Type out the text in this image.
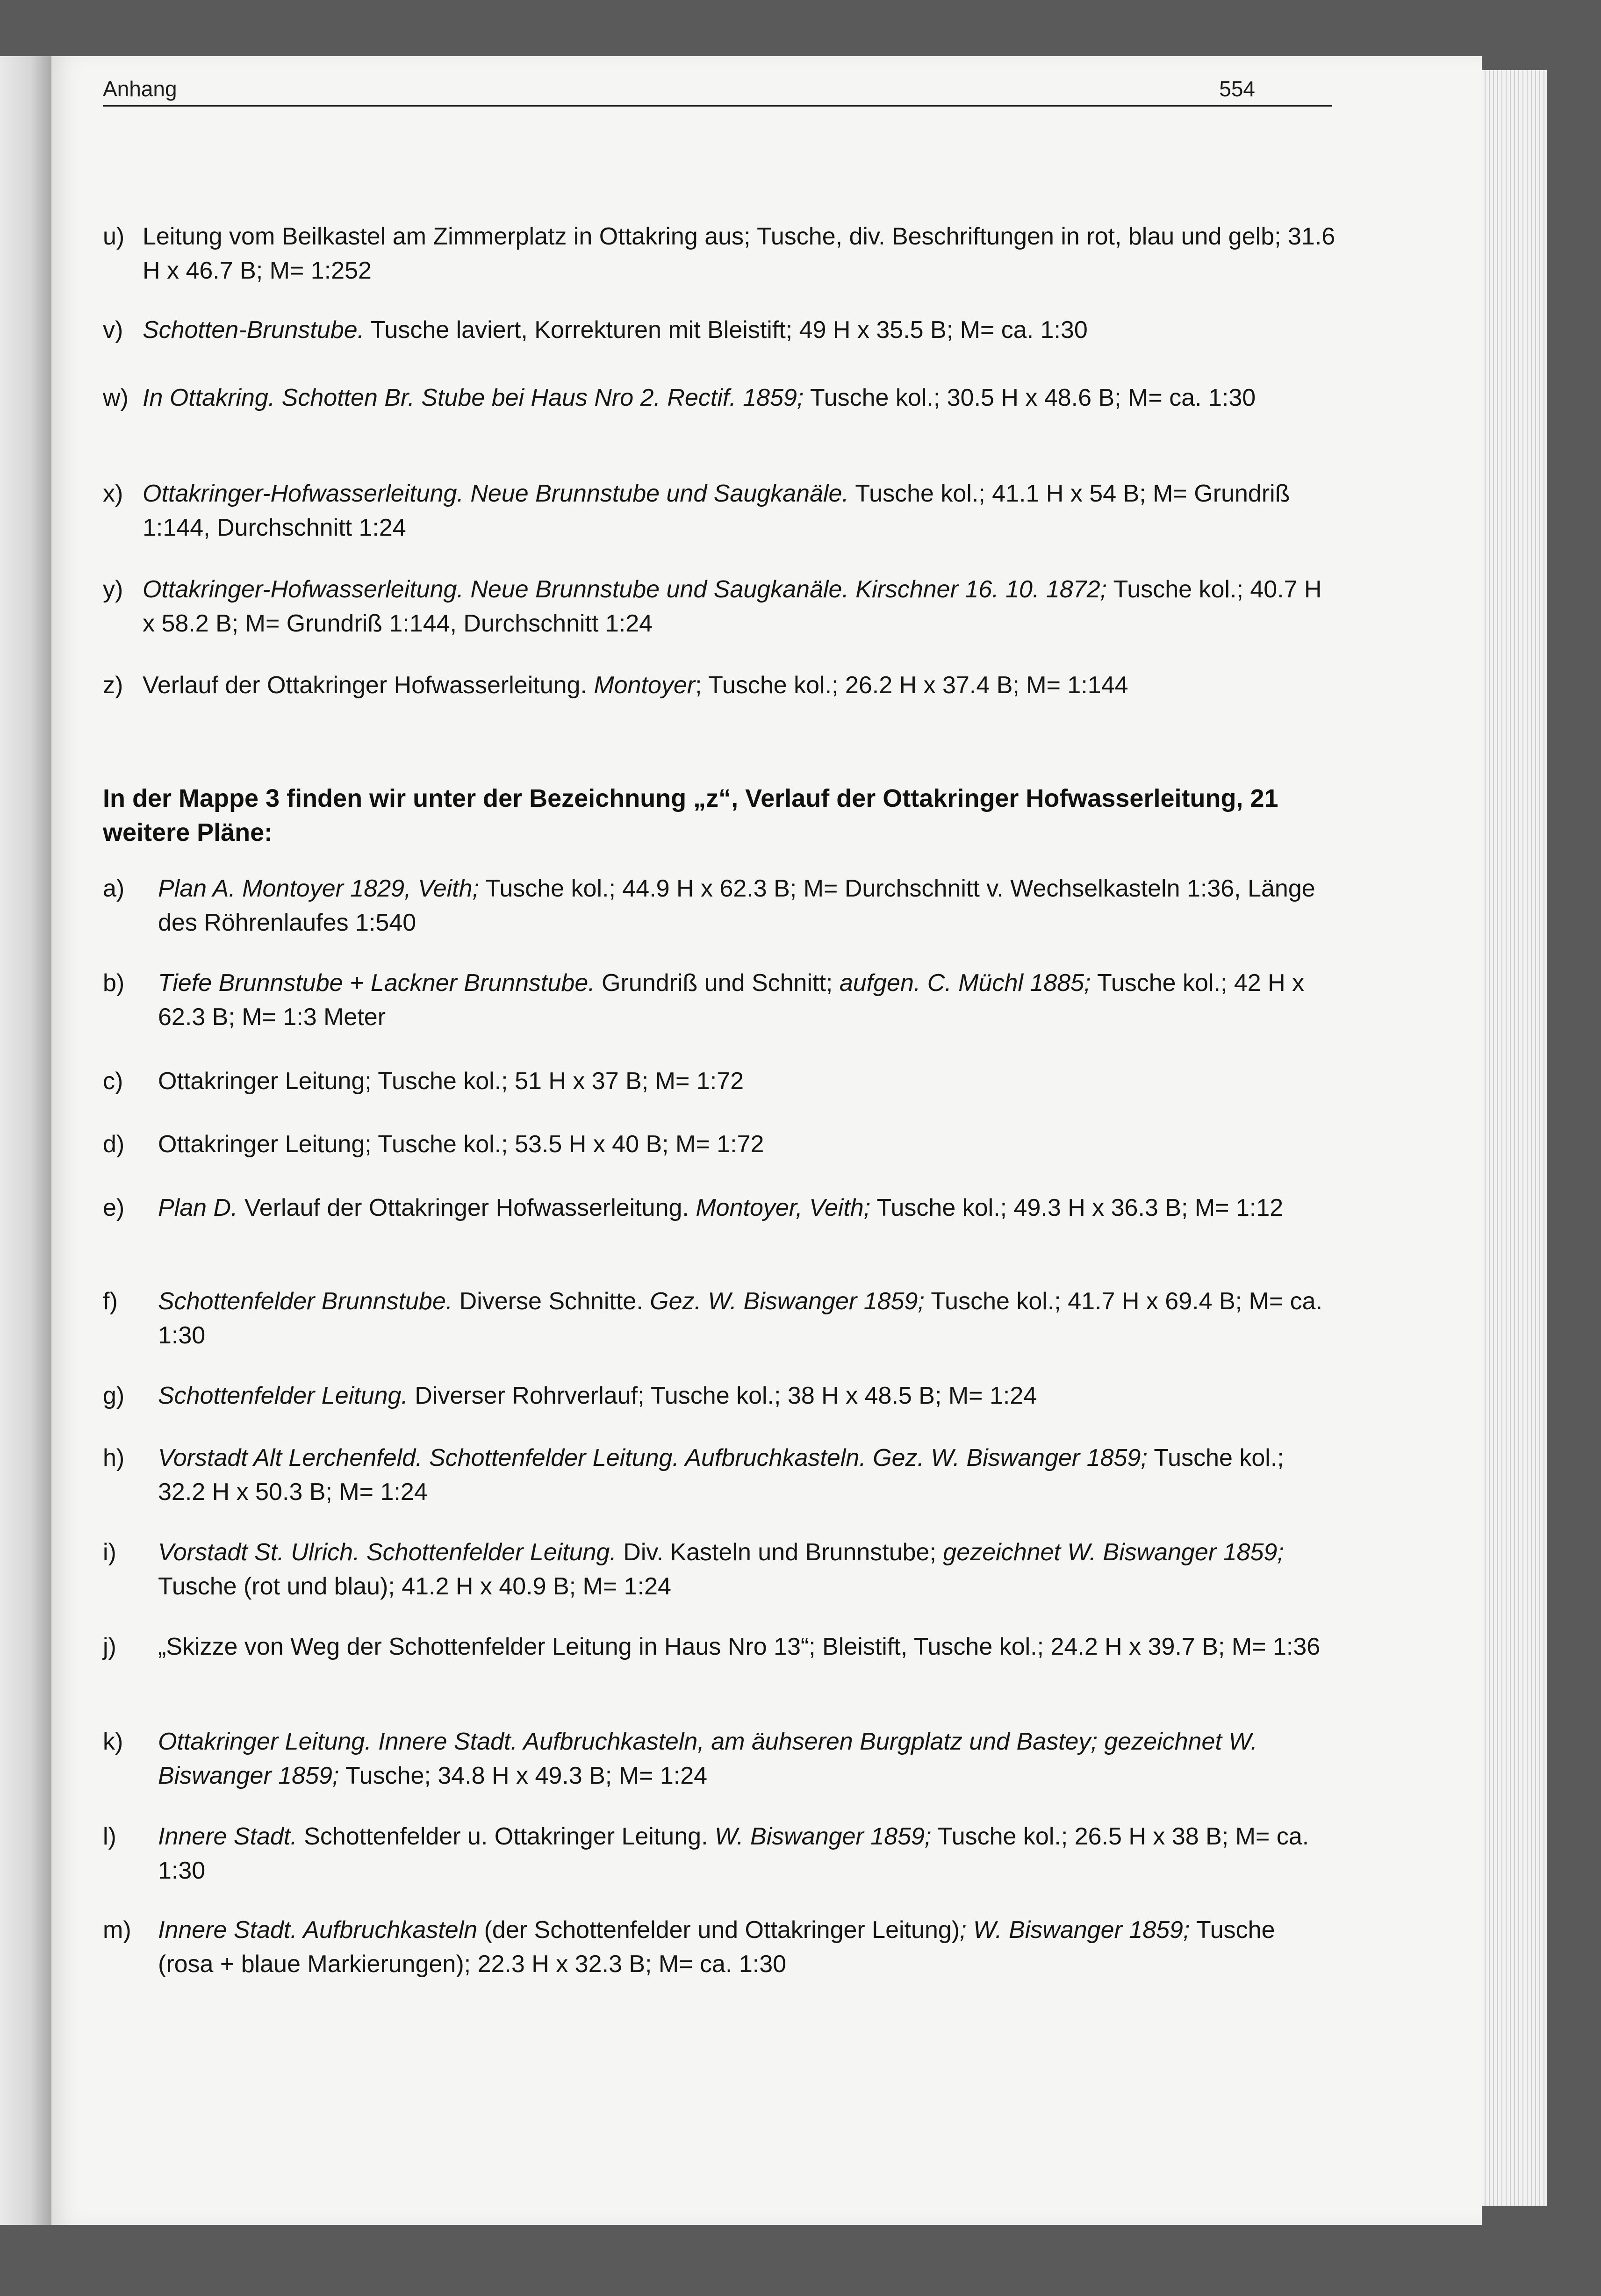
Anhang	554
u) Leitung vom Beilkastel am Zimmerplatz in Ottakring aus; Tusche, div. Beschriftungen in rot, blau und gelb; 31.6 H x 46.7 B; M= 1:252
v) Schotten-Brunstube. Tusche laviert, Korrekturen mit Bleistift; 49 H x 35.5 B; M= ca. 1:30
w) In Ottakring. Schotten Br. Stube bei Haus Nro 2. Rectif. 1859; Tusche kol.; 30.5 H x 48.6 B; M= ca. 1:30
x) Ottakringer-Hofwasserleitung. Neue Brunnstube und Saugkanäle. Tusche kol.; 41.1 H x 54 B; M= Grundriß 1:144, Durchschnitt 1:24
y) Ottakringer-Hofwasserleitung. Neue Brunnstube und Saugkanäle. Kirschner 16. 10. 1872; Tusche kol.; 40.7 H x 58.2 B; M= Grundriß 1:144, Durchschnitt 1:24
z) Verlauf der Ottakringer Hofwasserleitung. Montoyer; Tusche kol.; 26.2 H x 37.4 B; M= 1:144
In der Mappe 3 finden wir unter der Bezeichnung „z“, Verlauf der Ottakringer Hofwasserleitung, 21 weitere Pläne:
a) Plan A. Montoyer 1829, Veith; Tusche kol.; 44.9 H x 62.3 B; M= Durchschnitt v. Wechselkasteln 1:36, Länge des Röhrenlaufes 1:540
b) Tiefe Brunnstube + Lackner Brunnstube. Grundriß und Schnitt; aufgen. C. Müchl 1885; Tusche kol.; 42 H x 62.3 B; M= 1:3 Meter
c) Ottakringer Leitung; Tusche kol.; 51 H x 37 B; M= 1:72
d) Ottakringer Leitung; Tusche kol.; 53.5 H x 40 B; M= 1:72
e) Plan D. Verlauf der Ottakringer Hofwasserleitung. Montoyer, Veith; Tusche kol.; 49.3 H x 36.3 B; M= 1:12
f) Schottenfelder Brunnstube. Diverse Schnitte. Gez. W. Biswanger 1859; Tusche kol.; 41.7 H x 69.4 B; M= ca. 1:30
g) Schottenfelder Leitung. Diverser Rohrverlauf; Tusche kol.; 38 H x 48.5 B; M= 1:24
h) Vorstadt Alt Lerchenfeld. Schottenfelder Leitung. Aufbruchkasteln. Gez. W. Biswanger 1859; Tusche kol.; 32.2 H x 50.3 B; M= 1:24
i) Vorstadt St. Ulrich. Schottenfelder Leitung. Div. Kasteln und Brunnstube; gezeichnet W. Biswanger 1859; Tusche (rot und blau); 41.2 H x 40.9 B; M= 1:24
j) „Skizze von Weg der Schottenfelder Leitung in Haus Nro 13“; Bleistift, Tusche kol.; 24.2 H x 39.7 B; M= 1:36
k) Ottakringer Leitung. Innere Stadt. Aufbruchkasteln, am äuhseren Burgplatz und Bastey; gezeichnet W. Biswanger 1859; Tusche; 34.8 H x 49.3 B; M= 1:24
l) Innere Stadt. Schottenfelder u. Ottakringer Leitung. W. Biswanger 1859; Tusche kol.; 26.5 H x 38 B; M= ca. 1:30
m) Innere Stadt. Aufbruchkasteln (der Schottenfelder und Ottakringer Leitung); W. Biswanger 1859; Tusche (rosa + blaue Markierungen); 22.3 H x 32.3 B; M= ca. 1:30
